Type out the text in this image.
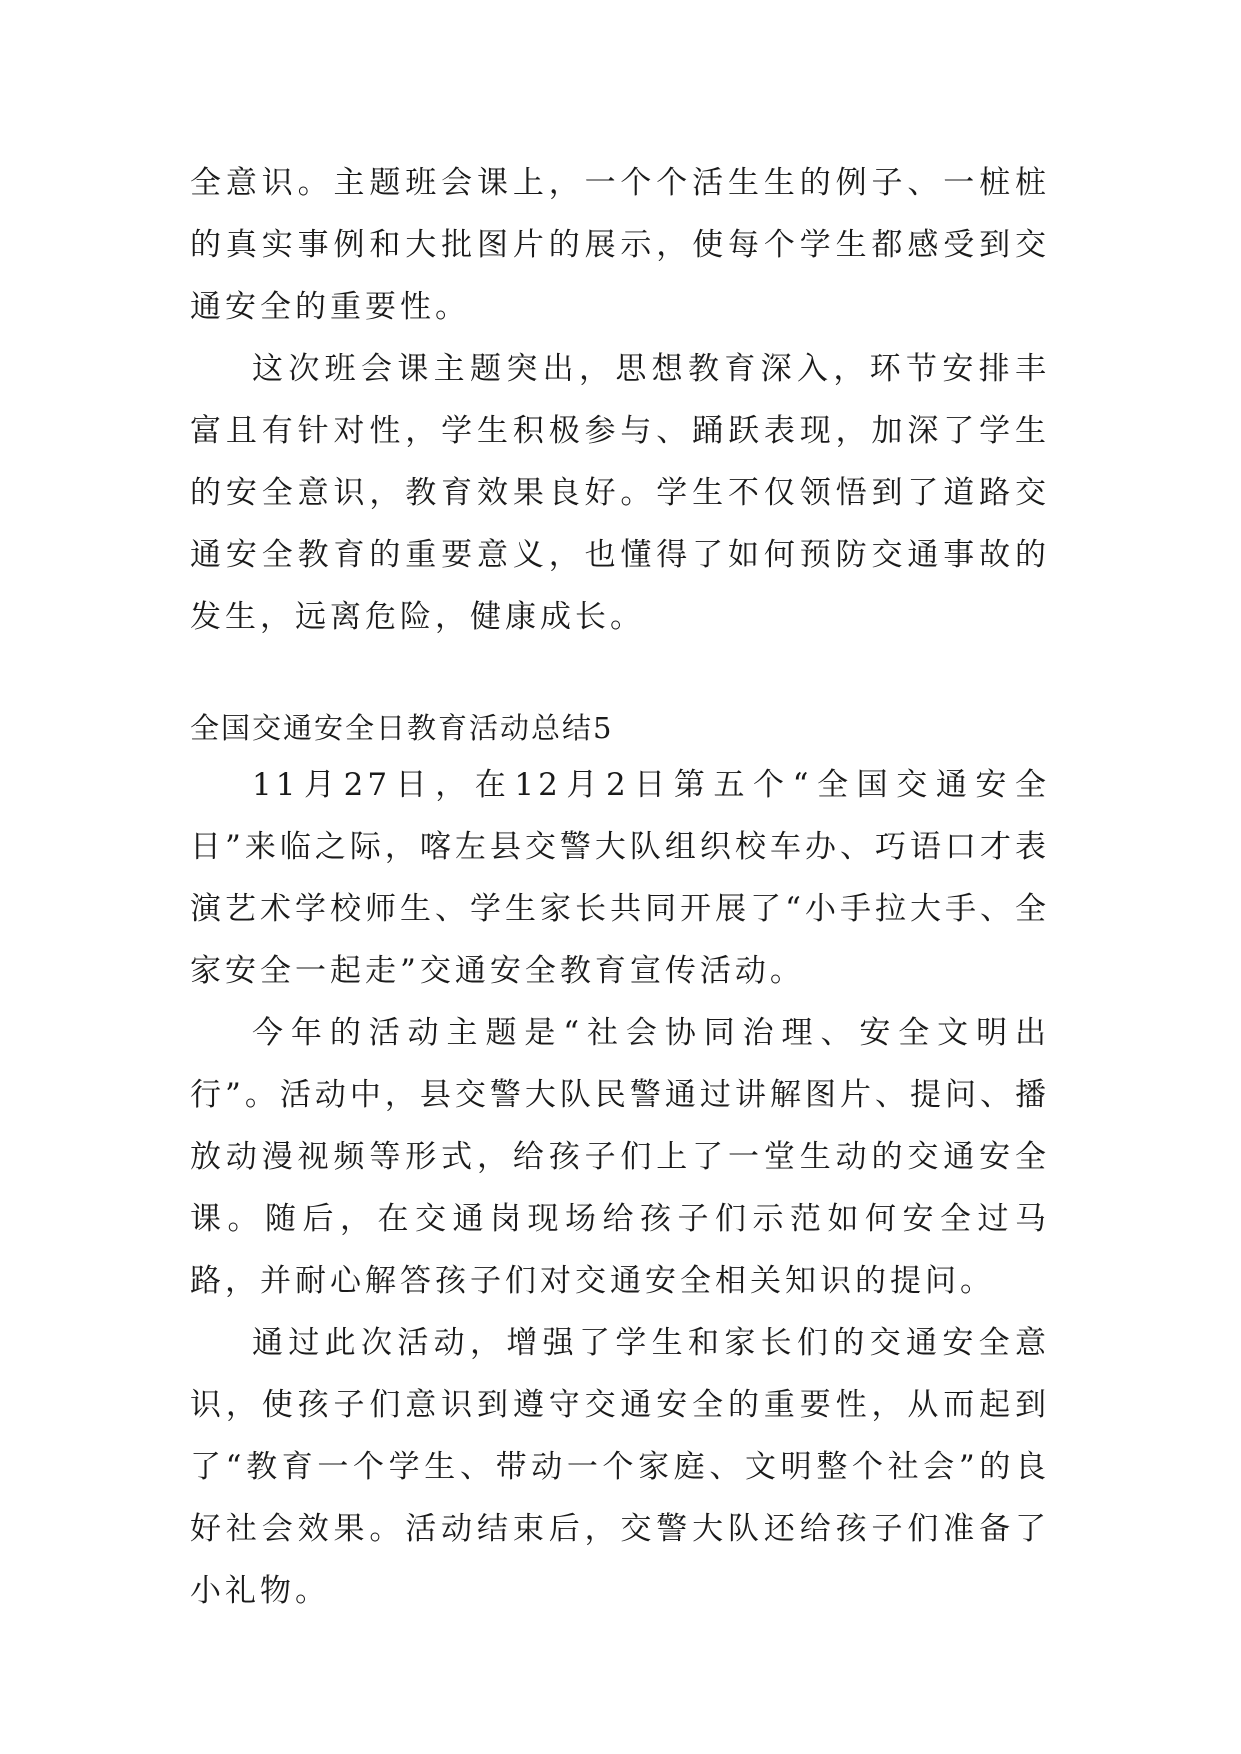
全意识。主题班会课上，一个个活生生的例子、一桩桩的真实事例和大批图片的展示，使每个学生都感受到交通安全的重要性。

这次班会课主题突出，思想教育深入，环节安排丰富且有针对性，学生积极参与、踊跃表现，加深了学生的安全意识，教育效果良好。学生不仅领悟到了道路交通安全教育的重要意义，也懂得了如何预防交通事故的发生，远离危险，健康成长。

全国交通安全日教育活动总结5

11月27日，在12月2日第五个“全国交通安全日”来临之际，喀左县交警大队组织校车办、巧语口才表演艺术学校师生、学生家长共同开展了“小手拉大手、全家安全一起走”交通安全教育宣传活动。

今年的活动主题是“社会协同治理、安全文明出行”。活动中，县交警大队民警通过讲解图片、提问、播放动漫视频等形式，给孩子们上了一堂生动的交通安全课。随后，在交通岗现场给孩子们示范如何安全过马路，并耐心解答孩子们对交通安全相关知识的提问。

通过此次活动，增强了学生和家长们的交通安全意识，使孩子们意识到遵守交通安全的重要性，从而起到了“教育一个学生、带动一个家庭、文明整个社会”的良好社会效果。活动结束后，交警大队还给孩子们准备了小礼物。
